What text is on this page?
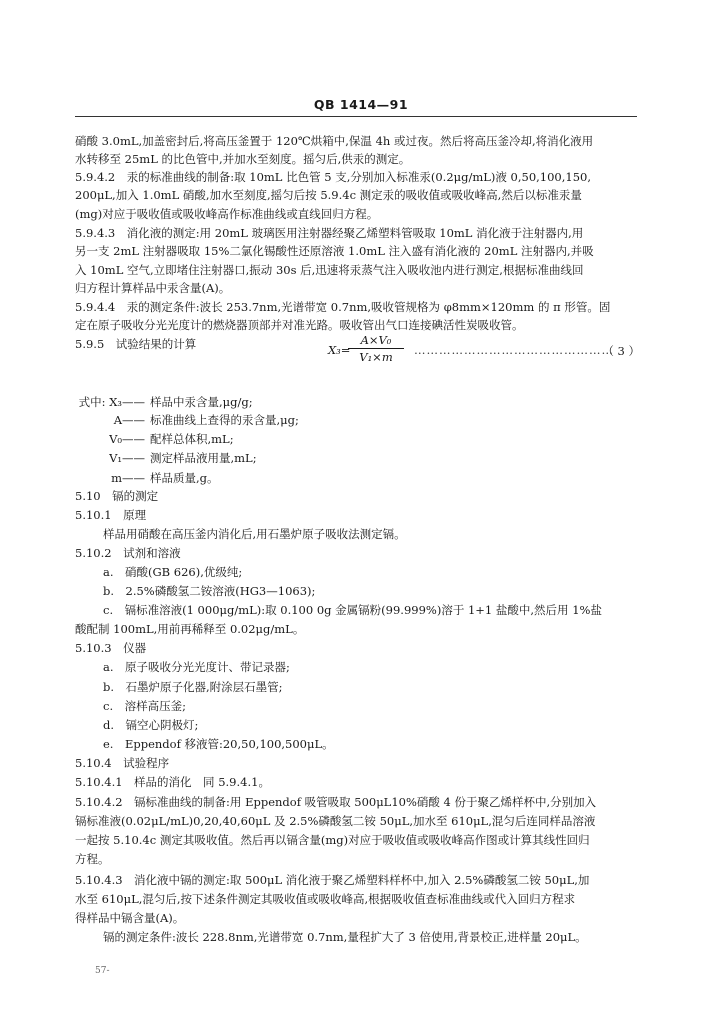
QB 1414—91
硝酸 3.0mL,加盖密封后,将高压釜置于 120℃烘箱中,保温 4h 或过夜。然后将高压釜冷却,将消化液用
水转移至 25mL 的比色管中,并加水至刻度。摇匀后,供汞的测定。
5.9.4.2　汞的标准曲线的制备:取 10mL 比色管 5 支,分别加入标准汞(0.2μg/mL)液 0,50,100,150,
200μL,加入 1.0mL 硝酸,加水至刻度,摇匀后按 5.9.4c 测定汞的吸收值或吸收峰高,然后以标准汞量
(mg)对应于吸收值或吸收峰高作标准曲线或直线回归方程。
5.9.4.3　消化液的测定:用 20mL 玻璃医用注射器经聚乙烯塑料管吸取 10mL 消化液于注射器内,用
另一支 2mL 注射器吸取 15%二氯化锡酸性还原溶液 1.0mL 注入盛有消化液的 20mL 注射器内,并吸
入 10mL 空气,立即堵住注射器口,振动 30s 后,迅速将汞蒸气注入吸收池内进行测定,根据标准曲线回
归方程计算样品中汞含量(A)。
5.9.4.4　汞的测定条件:波长 253.7nm,光谱带宽 0.7nm,吸收管规格为 φ8mm×120mm 的 π 形管。固
定在原子吸收分光光度计的燃烧器顶部并对准光路。吸收管出气口连接碘活性炭吸收管。
5.9.5　试验结果的计算	X₃=
A×V₀
V₁×m	…………………………………………
（ 3 ）
式中: X₃—— 样品中汞含量,μg/g;
A—— 标准曲线上查得的汞含量,μg;
V₀—— 配样总体积,mL;
V₁—— 测定样品液用量,mL;
m—— 样品质量,g。
5.10　镉的测定
5.10.1　原理
样品用硝酸在高压釜内消化后,用石墨炉原子吸收法测定镉。
5.10.2　试剂和溶液
a.　硝酸(GB 626),优级纯;
b.　2.5%磷酸氢二铵溶液(HG3—1063);
c.　镉标准溶液(1 000μg/mL):取 0.100 0g 金属镉粉(99.999%)溶于 1+1 盐酸中,然后用 1%盐
酸配制 100mL,用前再稀释至 0.02μg/mL。
5.10.3　仪器
a.　原子吸收分光光度计、带记录器;
b.　石墨炉原子化器,附涂层石墨管;
c.　溶样高压釜;
d.　镉空心阴极灯;
e.　Eppendof 移液管:20,50,100,500μL。
5.10.4　试验程序
5.10.4.1　样品的消化　同 5.9.4.1。
5.10.4.2　镉标准曲线的制备:用 Eppendof 吸管吸取 500μL10%硝酸 4 份于聚乙烯样杯中,分别加入
镉标准液(0.02μL/mL)0,20,40,60μL 及 2.5%磷酸氢二铵 50μL,加水至 610μL,混匀后连同样品溶液
一起按 5.10.4c 测定其吸收值。然后再以镉含量(mg)对应于吸收值或吸收峰高作图或计算其线性回归
方程。
5.10.4.3　消化液中镉的测定:取 500μL 消化液于聚乙烯塑料样杯中,加入 2.5%磷酸氢二铵 50μL,加
水至 610μL,混匀后,按下述条件测定其吸收值或吸收峰高,根据吸收值查标准曲线或代入回归方程求
得样品中镉含量(A)。
镉的测定条件:波长 228.8nm,光谱带宽 0.7nm,量程扩大了 3 倍使用,背景校正,进样量 20μL。
57-
